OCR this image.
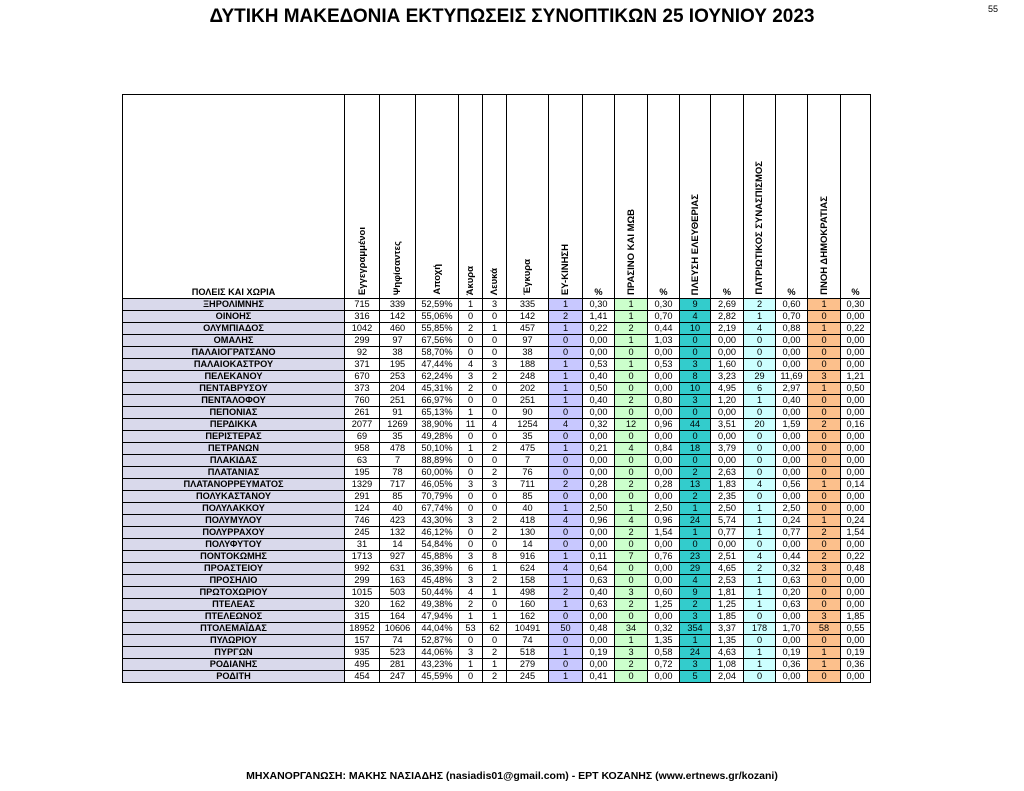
ΔΥΤΙΚΗ ΜΑΚΕΔΟΝΙΑ ΕΚΤΥΠΩΣΕΙΣ ΣΥΝΟΠΤΙΚΩΝ 25 ΙΟΥΝΙΟΥ 2023	55
ΠΟΛΕΙΣ ΚΑΙ ΧΩΡΙΑ	Εγγεγραμμένοι	Ψηφίσαντες	Αποχή	Άκυρα	Λευκά	Έγκυρα	ΕΥ-ΚΙΝΗΣΗ	%	ΠΡΑΣΙΝΟ ΚΑΙ ΜΩΒ	%	ΠΛΕΥΣΗ ΕΛΕΥΘΕΡΙΑΣ	%	ΠΑΤΡΙΩΤΙΚΟΣ ΣΥΝΑΣΠΙΣΜΟΣ	%	ΠΝΟΗ ΔΗΜΟΚΡΑΤΙΑΣ	%
ΞΗΡΟΛΙΜΝΗΣ	715	339	52,59%	1	3	335	1	0,30	1	0,30	9	2,69	2	0,60	1	0,30
ΟΙΝΟΗΣ	316	142	55,06%	0	0	142	2	1,41	1	0,70	4	2,82	1	0,70	0	0,00
ΟΛΥΜΠΙΑΔΟΣ	1042	460	55,85%	2	1	457	1	0,22	2	0,44	10	2,19	4	0,88	1	0,22
ΟΜΑΛΗΣ	299	97	67,56%	0	0	97	0	0,00	1	1,03	0	0,00	0	0,00	0	0,00
ΠΑΛΑΙΟΓΡΑΤΣΑΝΟ	92	38	58,70%	0	0	38	0	0,00	0	0,00	0	0,00	0	0,00	0	0,00
ΠΑΛΑΙΟΚΑΣΤΡΟΥ	371	195	47,44%	4	3	188	1	0,53	1	0,53	3	1,60	0	0,00	0	0,00
ΠΕΛΕΚΑΝΟΥ	670	253	62,24%	3	2	248	1	0,40	0	0,00	8	3,23	29	11,69	3	1,21
ΠΕΝΤΑΒΡΥΣΟΥ	373	204	45,31%	2	0	202	1	0,50	0	0,00	10	4,95	6	2,97	1	0,50
ΠΕΝΤΑΛΟΦΟΥ	760	251	66,97%	0	0	251	1	0,40	2	0,80	3	1,20	1	0,40	0	0,00
ΠΕΠΟΝΙΑΣ	261	91	65,13%	1	0	90	0	0,00	0	0,00	0	0,00	0	0,00	0	0,00
ΠΕΡΔΙΚΚΑ	2077	1269	38,90%	11	4	1254	4	0,32	12	0,96	44	3,51	20	1,59	2	0,16
ΠΕΡΙΣΤΕΡΑΣ	69	35	49,28%	0	0	35	0	0,00	0	0,00	0	0,00	0	0,00	0	0,00
ΠΕΤΡΑΝΩΝ	958	478	50,10%	1	2	475	1	0,21	4	0,84	18	3,79	0	0,00	0	0,00
ΠΛΑΚΙΔΑΣ	63	7	88,89%	0	0	7	0	0,00	0	0,00	0	0,00	0	0,00	0	0,00
ΠΛΑΤΑΝΙΑΣ	195	78	60,00%	0	2	76	0	0,00	0	0,00	2	2,63	0	0,00	0	0,00
ΠΛΑΤΑΝΟΡΡΕΥΜΑΤΟΣ	1329	717	46,05%	3	3	711	2	0,28	2	0,28	13	1,83	4	0,56	1	0,14
ΠΟΛΥΚΑΣΤΑΝΟΥ	291	85	70,79%	0	0	85	0	0,00	0	0,00	2	2,35	0	0,00	0	0,00
ΠΟΛΥΛΑΚΚΟΥ	124	40	67,74%	0	0	40	1	2,50	1	2,50	1	2,50	1	2,50	0	0,00
ΠΟΛΥΜΥΛΟΥ	746	423	43,30%	3	2	418	4	0,96	4	0,96	24	5,74	1	0,24	1	0,24
ΠΟΛΥΡΡΑΧΟΥ	245	132	46,12%	0	2	130	0	0,00	2	1,54	1	0,77	1	0,77	2	1,54
ΠΟΛΥΦΥΤΟΥ	31	14	54,84%	0	0	14	0	0,00	0	0,00	0	0,00	0	0,00	0	0,00
ΠΟΝΤΟΚΩΜΗΣ	1713	927	45,88%	3	8	916	1	0,11	7	0,76	23	2,51	4	0,44	2	0,22
ΠΡΟΑΣΤΕΙΟΥ	992	631	36,39%	6	1	624	4	0,64	0	0,00	29	4,65	2	0,32	3	0,48
ΠΡΟΣΗΛΙΟ	299	163	45,48%	3	2	158	1	0,63	0	0,00	4	2,53	1	0,63	0	0,00
ΠΡΩΤΟΧΩΡΙΟΥ	1015	503	50,44%	4	1	498	2	0,40	3	0,60	9	1,81	1	0,20	0	0,00
ΠΤΕΛΕΑΣ	320	162	49,38%	2	0	160	1	0,63	2	1,25	2	1,25	1	0,63	0	0,00
ΠΤΕΛΕΩΝΟΣ	315	164	47,94%	1	1	162	0	0,00	0	0,00	3	1,85	0	0,00	3	1,85
ΠΤΟΛΕΜΑΪΔΑΣ	18952	10606	44,04%	53	62	10491	50	0,48	34	0,32	354	3,37	178	1,70	58	0,55
ΠΥΛΩΡΙΟΥ	157	74	52,87%	0	0	74	0	0,00	1	1,35	1	1,35	0	0,00	0	0,00
ΠΥΡΓΩΝ	935	523	44,06%	3	2	518	1	0,19	3	0,58	24	4,63	1	0,19	1	0,19
ΡΟΔΙΑΝΗΣ	495	281	43,23%	1	1	279	0	0,00	2	0,72	3	1,08	1	0,36	1	0,36
ΡΟΔΙΤΗ	454	247	45,59%	0	2	245	1	0,41	0	0,00	5	2,04	0	0,00	0	0,00
ΜΗΧΑΝΟΡΓΑΝΩΣΗ: ΜΑΚΗΣ ΝΑΣΙΑΔΗΣ (nasiadis01@gmail.com) - ΕΡΤ ΚΟΖΑΝΗΣ (www.ertnews.gr/kozani)
